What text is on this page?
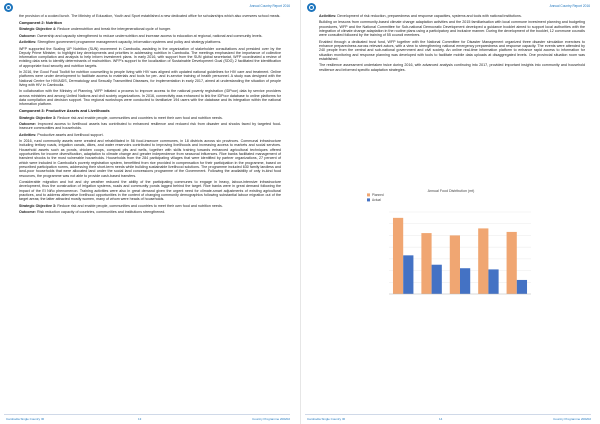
Annual Country Report 2016

the provision of a cooked lunch. The Ministry of Education, Youth and Sport established a new dedicated office for scholarships which also oversees school meals.

Component 2: Nutrition

Strategic Objective 4: Reduce undernutrition and break the intergenerational cycle of hunger.

Outcome: Ownership and capacity strengthened to reduce undernutrition and increase access to education at regional, national and community levels.

Activities: Strengthen government programme management capacity, information systems and policy and strategy platforms.

WFP supported the Scaling UP Nutrition (SUN) movement in Cambodia, assisting in the organization of stakeholder consultations and presided over by the Deputy Prime Minister, to highlight key developments and priorities in addressing nutrition in Cambodia. The meetings emphasized the importance of collective information compilation and analysis to help inform investment plans. In early 2016, with support from the SUN global secretariat, WFP coordinated a review of existing data sets to identify determinants of malnutrition. WFP's support to the localization of Sustainable Development Goal (SDG) 2 facilitated the identification of appropriate food security and nutrition targets.

In 2016, the Good Food Toolkit for nutrition counselling to people living with HIV was aligned with updated national guidelines for HIV care and treatment. Online platforms were under development to facilitate access to materials and tools for per- and in-service training of health personnel. A study was designed with the National Centre for HIV/AIDS, Dermatology and Sexually Transmitted Diseases, for implementation in early 2017, aimed at understanding the situation of people living with HIV in Cambodia.

In collaboration with the Ministry of Planning, WFP initiated a process to improve access to the national poverty registration (IDPoor) data by service providers across ministries and among United Nations and civil society organizations. In 2016, connectivity was enhanced to link the IDPoor database to online platforms for data compilation and decision support. Two regional workshops were conducted to familiarize 194 users with the database and its integration within the national information platform.

Component 3: Productive Assets and Livelihoods

Strategic Objective 3: Reduce risk and enable people, communities and countries to meet their own food and nutrition needs.

Outcome: Improved access to livelihood assets has contributed to enhanced resilience and reduced risk from disaster and shocks faced by targeted food-insecure communities and households.

Activities: Productive assets and livelihood support.

In 2016, rural community assets were created and rehabilitated in 56 food-insecure communes, in 18 districts across six provinces. Communal infrastructure including tertiary roads, irrigation canals, dikes, and water reservoirs contributed to improving livelihoods and increasing access to markets and social services. Household assets such as ponds, chicken coops, compost pits and wells, together with skills training towards enhanced agricultural techniques offered opportunities for income diversification, adaptation to climate change and greater independence from seasonal influences. Rice banks facilitated management of transient shocks to the most vulnerable households. Households from the 284 participating villages that were identified by partner organizations, 27 percent of which were included in Cambodia's poverty registration system, benefitted from rice provided in compensation for their participation in the programme, based on prescribed participation norms, addressing their short-term needs while building sustainable livelihood solutions. The programme included 630 family landless and land-poor households that were allocated land under the social land concessions programme of the Government. Following the availability of only in-kind food resources, the programme was not able to provide cash-based transfers.

Considerable migration and hot and dry weather reduced the ability of the participating communes to engage in heavy, labour-intensive infrastructure development, thus the construction of irrigation systems, roads and community ponds lagged behind the target. Rice banks were in great demand following the impact of the El Niño phenomenon. Training activities were also in great demand given the urgent need for climate-smart adjustments of existing agricultural practices, and to address alternative livelihood opportunities in the context of changing community demographics following substantial labour migration out of the target areas; the latter attracted mostly women, many of whom were heads of households.

Strategic Objective 3: Reduce risk and enable people, communities and countries to meet their own food and nutrition needs.

Outcome: Risk reduction capacity of countries, communities and institutions strengthened.

Cambodia Single Country IR	13	Country Programme 200202
Annual Country Report 2016

Activities: Development of risk reduction, preparedness and response capacities, systems and tools with national institutions.

Building on lessons from community-based climate change adaptation activities and the 2015 familiarisation with local commune investment planning and budgeting procedures, WFP and the National Committee for Sub-national Democratic Development developed a guidance booklet aimed to support local authorities with the integration of climate change adaptation in the routine plans using a participatory and inclusive manner. During the development of the booklet, 12 commune councils were consulted followed by the training of 55 council members.

Enabled through a dedicated trust fund, WFP together with the National Committee for Disaster Management organized three disaster simulation exercises to enhance preparedness across relevant actors, with a view to strengthening national emergency preparedness and response capacity. The events were attended by 240 people from the central and sub-national government and civil society. An online real-time information platform to enhance rapid access to information for situation monitoring and response planning was developed with tools to facilitate mobile data uploads at disaggregated levels. One provincial situation room was established.

The resilience assessment undertaken twice during 2016, with advanced analysis continuing into 2017, provided important insights into community and household resilience and informed specific adaptation strategies.

Annual Food Distribution (mt)
Planned
Actual
Cambodia Single Country IR	14	Country Programme 200202
